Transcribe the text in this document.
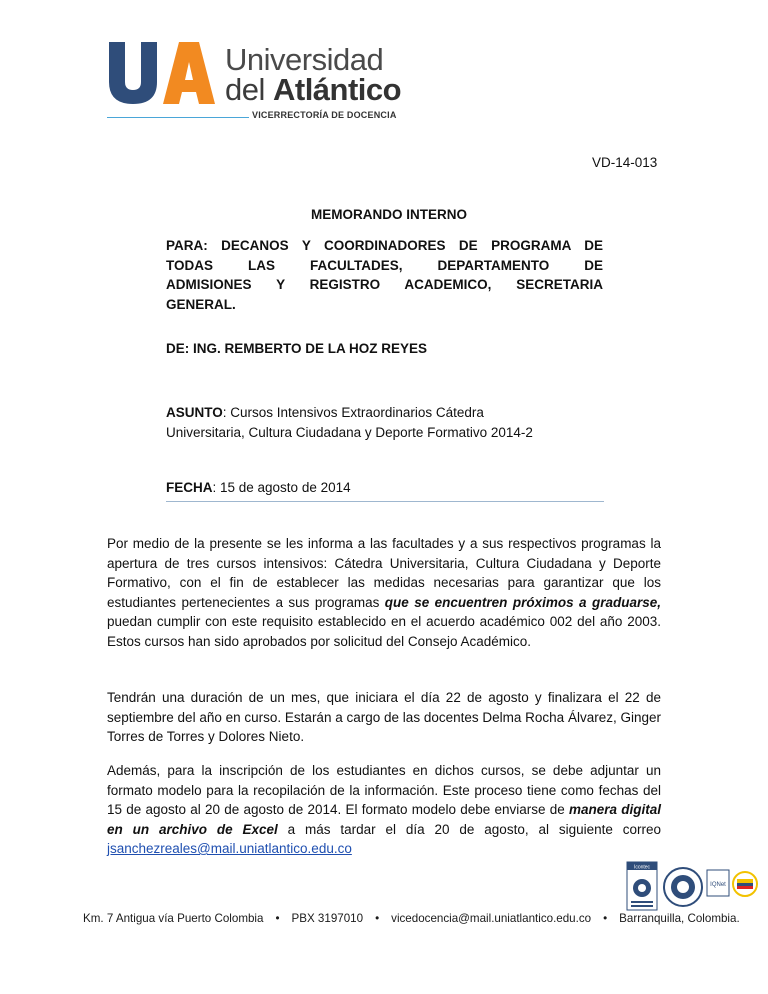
Universidad
del Atlántico
VICERRECTORÍA DE DOCENCIA
VD-14-013
MEMORANDO INTERNO
PARA: DECANOS Y COORDINADORES DE PROGRAMA DE
TODAS LAS FACULTADES, DEPARTAMENTO DE
ADMISIONES Y REGISTRO ACADEMICO, SECRETARIA
GENERAL.
DE: ING. REMBERTO DE LA HOZ REYES
ASUNTO: Cursos Intensivos Extraordinarios Cátedra
Universitaria, Cultura Ciudadana y Deporte Formativo 2014-2
FECHA: 15 de agosto de 2014
Por medio de la presente se les informa a las facultades y a sus respectivos programas la apertura de tres cursos intensivos: Cátedra Universitaria, Cultura Ciudadana y Deporte Formativo, con el fin de establecer las medidas necesarias para garantizar que los estudiantes pertenecientes a sus programas que se encuentren próximos a graduarse, puedan cumplir con este requisito establecido en el acuerdo académico 002 del año 2003. Estos cursos han sido aprobados por solicitud del Consejo Académico.
Tendrán una duración de un mes, que iniciara el día 22 de agosto y finalizara el 22 de septiembre del año en curso. Estarán a cargo de las docentes Delma Rocha Álvarez, Ginger Torres de Torres y Dolores Nieto.
Además, para la inscripción de los estudiantes en dichos cursos, se debe adjuntar un formato modelo para la recopilación de la información. Este proceso tiene como fechas del 15 de agosto al 20 de agosto de 2014. El formato modelo debe enviarse de manera digital en un archivo de Excel a más tardar el día 20 de agosto, al siguiente correo jsanchezreales@mail.uniatlantico.edu.co
Icontec
IQNet
Km. 7 Antigua vía Puerto Colombia • PBX 3197010 • vicedocencia@mail.uniatlantico.edu.co • Barranquilla, Colombia.
